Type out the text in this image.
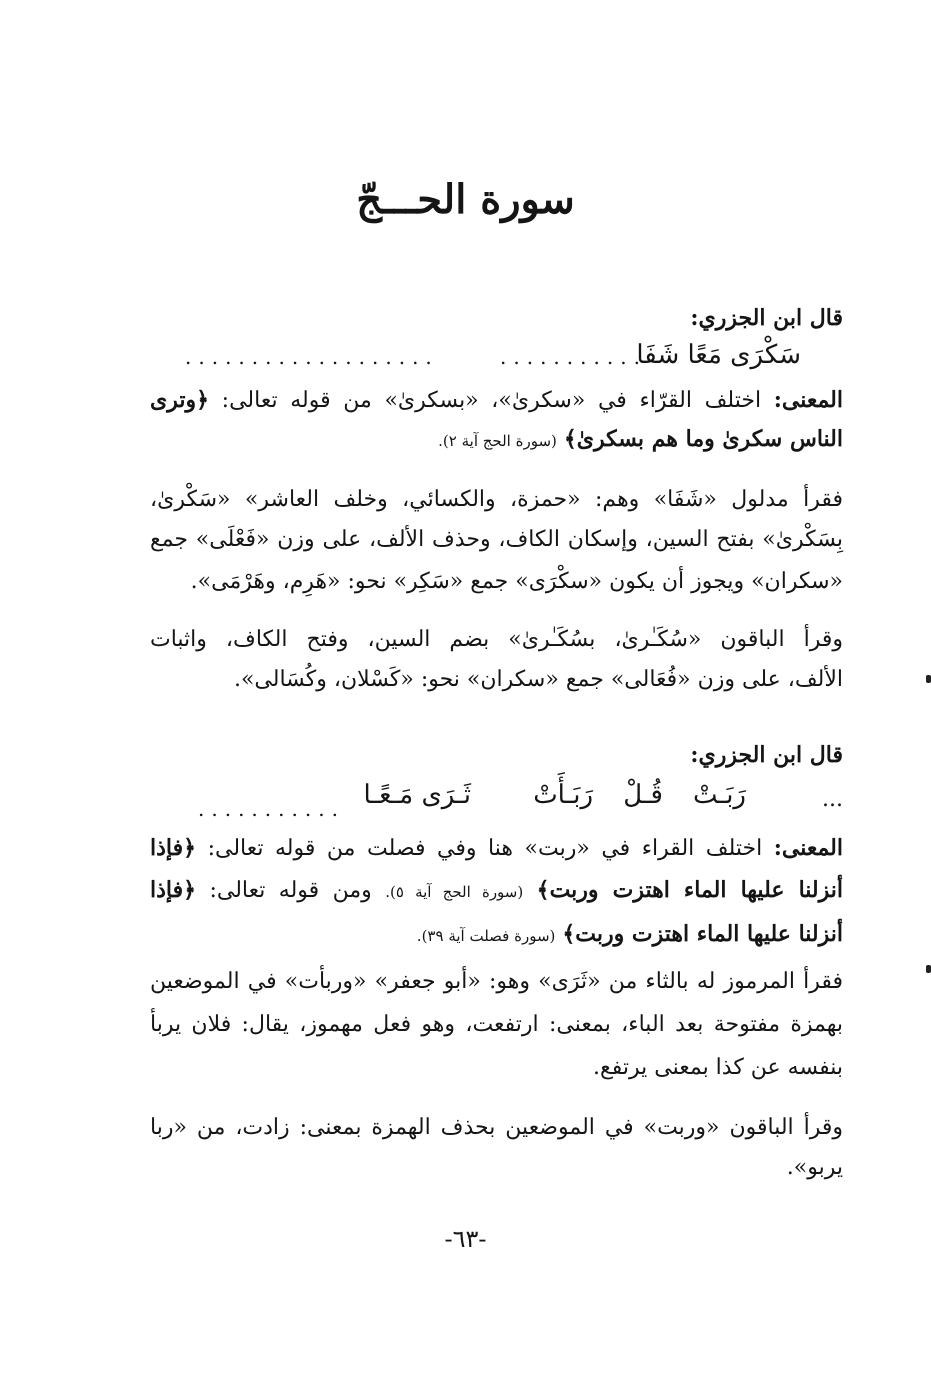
سورة الحـــجّ
قال ابن الجزري:
سَكْرَى مَعًا شَفَا
...........
...................
المعنى: اختلف القرّاء في «سكرىٰ»، «بسكرىٰ» من قوله تعالى: ﴿وترى
الناس سكرىٰ وما هم بسكرىٰ﴾ (سورة الحج آية ٢).
فقرأ مدلول «شَفَا» وهم: «حمزة، والكسائي، وخلف العاشر» «سَكْرىٰ،
بِسَكْرىٰ» بفتح السين، وإسكان الكاف، وحذف الألف، على وزن «فَعْلَى» جمع
«سكران» ويجوز أن يكون «سكْرَى» جمع «سَكِر» نحو: «هَرِم، وهَرْمَى».
وقرأ الباقون «سُكَـٰرىٰ، بسُكَـٰرىٰ» بضم السين، وفتح الكاف، واثبات
الألف، على وزن «فُعَالى» جمع «سكران» نحو: «كَسْلان، وكُسَالى».
قال ابن الجزري:
...
رَبَـتْ
قُـلْ
رَبَـأَتْ
ثَـرَى مَـعًـا
...........
المعنى: اختلف القراء في «ربت» هنا وفي فصلت من قوله تعالى: ﴿فإذا
أنزلنا عليها الماء اهتزت وربت﴾ (سورة الحج آية ٥). ومن قوله تعالى: ﴿فإذا
أنزلنا عليها الماء اهتزت وربت﴾ (سورة فصلت آية ٣٩).
فقرأ المرموز له بالثاء من «ثَرَى» وهو: «أبو جعفر» «وربأت» في الموضعين
بهمزة مفتوحة بعد الباء، بمعنى: ارتفعت، وهو فعل مهموز، يقال: فلان يربأ
بنفسه عن كذا بمعنى يرتفع.
وقرأ الباقون «وربت» في الموضعين بحذف الهمزة بمعنى: زادت، من «ربا
يربو».
-٦٣-
